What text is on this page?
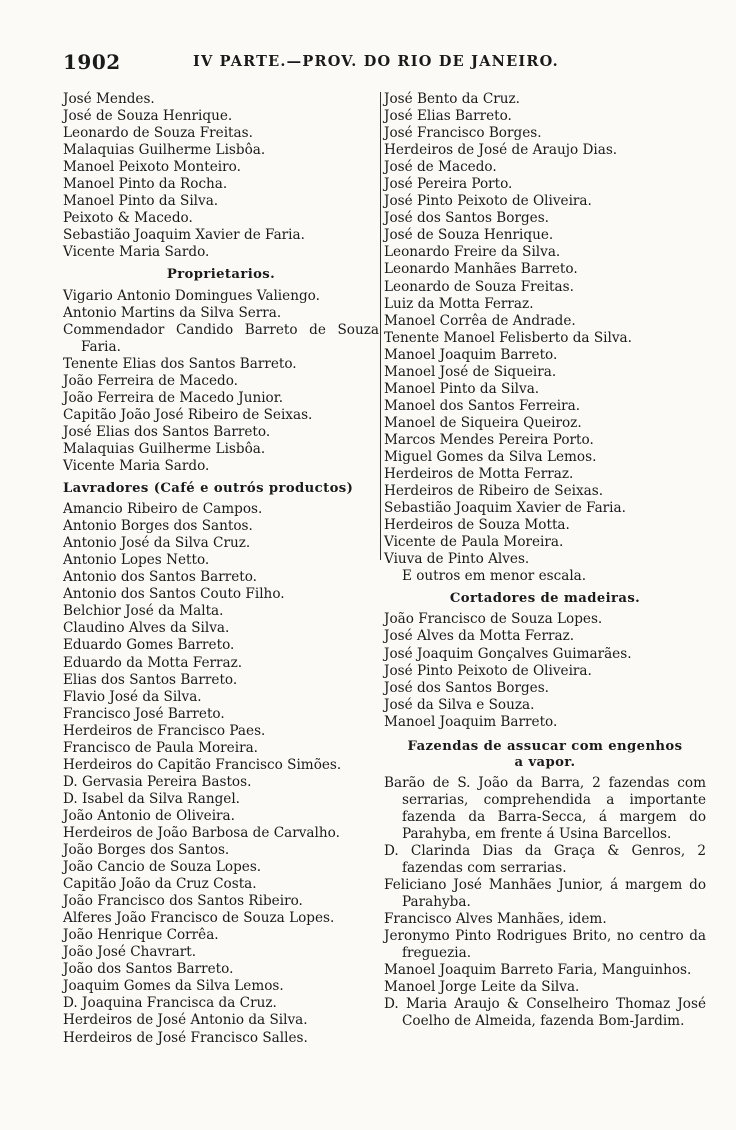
1902	IV PARTE.—PROV. DO RIO DE JANEIRO.
José Mendes.
José de Souza Henrique.
Leonardo de Souza Freitas.
Malaquias Guilherme Lisbôa.
Manoel Peixoto Monteiro.
Manoel Pinto da Rocha.
Manoel Pinto da Silva.
Peixoto & Macedo.
Sebastião Joaquim Xavier de Faria.
Vicente Maria Sardo.
Proprietarios.
Vigario Antonio Domingues Valiengo.
Antonio Martins da Silva Serra.
Commendador Candido Barreto de Souza Faria.
Tenente Elias dos Santos Barreto.
João Ferreira de Macedo.
João Ferreira de Macedo Junior.
Capitão João José Ribeiro de Seixas.
José Elias dos Santos Barreto.
Malaquias Guilherme Lisbôa.
Vicente Maria Sardo.
Lavradores (Café e outrós productos)
Amancio Ribeiro de Campos.
Antonio Borges dos Santos.
Antonio José da Silva Cruz.
Antonio Lopes Netto.
Antonio dos Santos Barreto.
Antonio dos Santos Couto Filho.
Belchior José da Malta.
Claudino Alves da Silva.
Eduardo Gomes Barreto.
Eduardo da Motta Ferraz.
Elias dos Santos Barreto.
Flavio José da Silva.
Francisco José Barreto.
Herdeiros de Francisco Paes.
Francisco de Paula Moreira.
Herdeiros do Capitão Francisco Simões.
D. Gervasia Pereira Bastos.
D. Isabel da Silva Rangel.
João Antonio de Oliveira.
Herdeiros de João Barbosa de Carvalho.
João Borges dos Santos.
João Cancio de Souza Lopes.
Capitão João da Cruz Costa.
João Francisco dos Santos Ribeiro.
Alferes João Francisco de Souza Lopes.
João Henrique Corrêa.
João José Chavrart.
João dos Santos Barreto.
Joaquim Gomes da Silva Lemos.
D. Joaquina Francisca da Cruz.
Herdeiros de José Antonio da Silva.
Herdeiros de José Francisco Salles.
José Bento da Cruz.
José Elias Barreto.
José Francisco Borges.
Herdeiros de José de Araujo Dias.
José de Macedo.
José Pereira Porto.
José Pinto Peixoto de Oliveira.
José dos Santos Borges.
José de Souza Henrique.
Leonardo Freire da Silva.
Leonardo Manhães Barreto.
Leonardo de Souza Freitas.
Luiz da Motta Ferraz.
Manoel Corrêa de Andrade.
Tenente Manoel Felisberto da Silva.
Manoel Joaquim Barreto.
Manoel José de Siqueira.
Manoel Pinto da Silva.
Manoel dos Santos Ferreira.
Manoel de Siqueira Queiroz.
Marcos Mendes Pereira Porto.
Miguel Gomes da Silva Lemos.
Herdeiros de Motta Ferraz.
Herdeiros de Ribeiro de Seixas.
Sebastião Joaquim Xavier de Faria.
Herdeiros de Souza Motta.
Vicente de Paula Moreira.
Viuva de Pinto Alves.
E outros em menor escala.
Cortadores de madeiras.
João Francisco de Souza Lopes.
José Alves da Motta Ferraz.
José Joaquim Gonçalves Guimarães.
José Pinto Peixoto de Oliveira.
José dos Santos Borges.
José da Silva e Souza.
Manoel Joaquim Barreto.
Fazendas de assucar com engenhos
a vapor.
Barão de S. João da Barra, 2 fazendas com serrarias, comprehendida a importante fazenda da Barra-Secca, á margem do Parahyba, em frente á Usina Barcellos.
D. Clarinda Dias da Graça & Genros, 2 fazendas com serrarias.
Feliciano José Manhães Junior, á margem do Parahyba.
Francisco Alves Manhães, idem.
Jeronymo Pinto Rodrigues Brito, no centro da freguezia.
Manoel Joaquim Barreto Faria, Manguinhos.
Manoel Jorge Leite da Silva.
D. Maria Araujo & Conselheiro Thomaz José Coelho de Almeida, fazenda Bom-Jardim.
